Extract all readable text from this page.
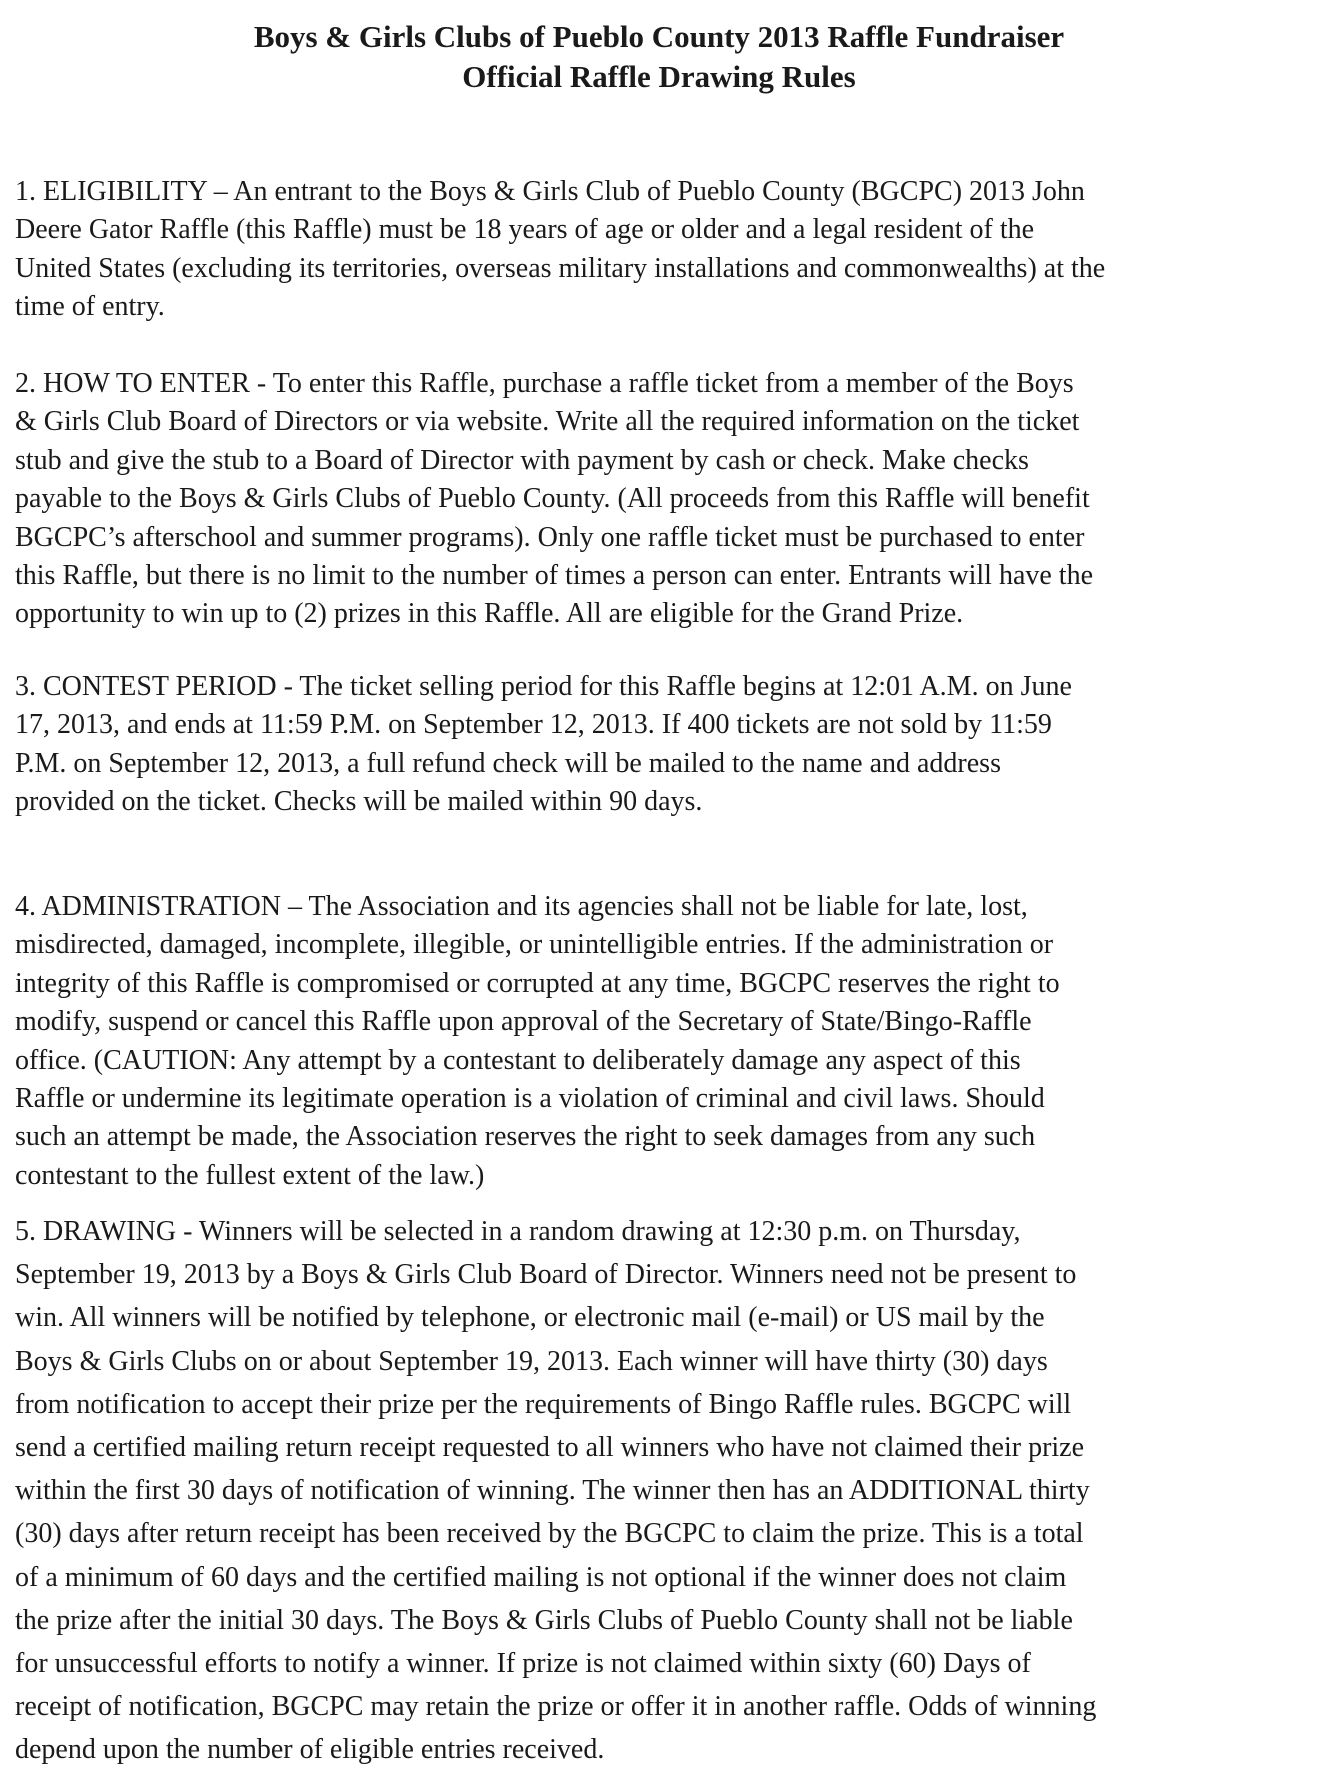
Boys & Girls Clubs of Pueblo County 2013 Raffle Fundraiser
Official Raffle Drawing Rules
1. ELIGIBILITY – An entrant to the Boys & Girls Club of Pueblo County (BGCPC) 2013 John
Deere Gator Raffle (this Raffle) must be 18 years of age or older and a legal resident of the
United States (excluding its territories, overseas military installations and commonwealths) at the
time of entry.
2. HOW TO ENTER - To enter this Raffle, purchase a raffle ticket from a member of the Boys
& Girls Club Board of Directors or via website. Write all the required information on the ticket
stub and give the stub to a Board of Director with payment by cash or check. Make checks
payable to the Boys & Girls Clubs of Pueblo County. (All proceeds from this Raffle will benefit
BGCPC’s afterschool and summer programs). Only one raffle ticket must be purchased to enter
this Raffle, but there is no limit to the number of times a person can enter. Entrants will have the
opportunity to win up to (2) prizes in this Raffle. All are eligible for the Grand Prize.
3. CONTEST PERIOD - The ticket selling period for this Raffle begins at 12:01 A.M. on June
17, 2013, and ends at 11:59 P.M. on September 12, 2013. If 400 tickets are not sold by 11:59
P.M. on September 12, 2013, a full refund check will be mailed to the name and address
provided on the ticket. Checks will be mailed within 90 days.
4. ADMINISTRATION – The Association and its agencies shall not be liable for late, lost,
misdirected, damaged, incomplete, illegible, or unintelligible entries. If the administration or
integrity of this Raffle is compromised or corrupted at any time, BGCPC reserves the right to
modify, suspend or cancel this Raffle upon approval of the Secretary of State/Bingo-Raffle
office. (CAUTION: Any attempt by a contestant to deliberately damage any aspect of this
Raffle or undermine its legitimate operation is a violation of criminal and civil laws. Should
such an attempt be made, the Association reserves the right to seek damages from any such
contestant to the fullest extent of the law.)
5. DRAWING - Winners will be selected in a random drawing at 12:30 p.m. on Thursday,
September 19, 2013 by a Boys & Girls Club Board of Director. Winners need not be present to
win. All winners will be notified by telephone, or electronic mail (e-mail) or US mail by the
Boys & Girls Clubs on or about September 19, 2013. Each winner will have thirty (30) days
from notification to accept their prize per the requirements of Bingo Raffle rules. BGCPC will
send a certified mailing return receipt requested to all winners who have not claimed their prize
within the first 30 days of notification of winning. The winner then has an ADDITIONAL thirty
(30) days after return receipt has been received by the BGCPC to claim the prize. This is a total
of a minimum of 60 days and the certified mailing is not optional if the winner does not claim
the prize after the initial 30 days. The Boys & Girls Clubs of Pueblo County shall not be liable
for unsuccessful efforts to notify a winner. If prize is not claimed within sixty (60) Days of
receipt of notification, BGCPC may retain the prize or offer it in another raffle. Odds of winning
depend upon the number of eligible entries received.
